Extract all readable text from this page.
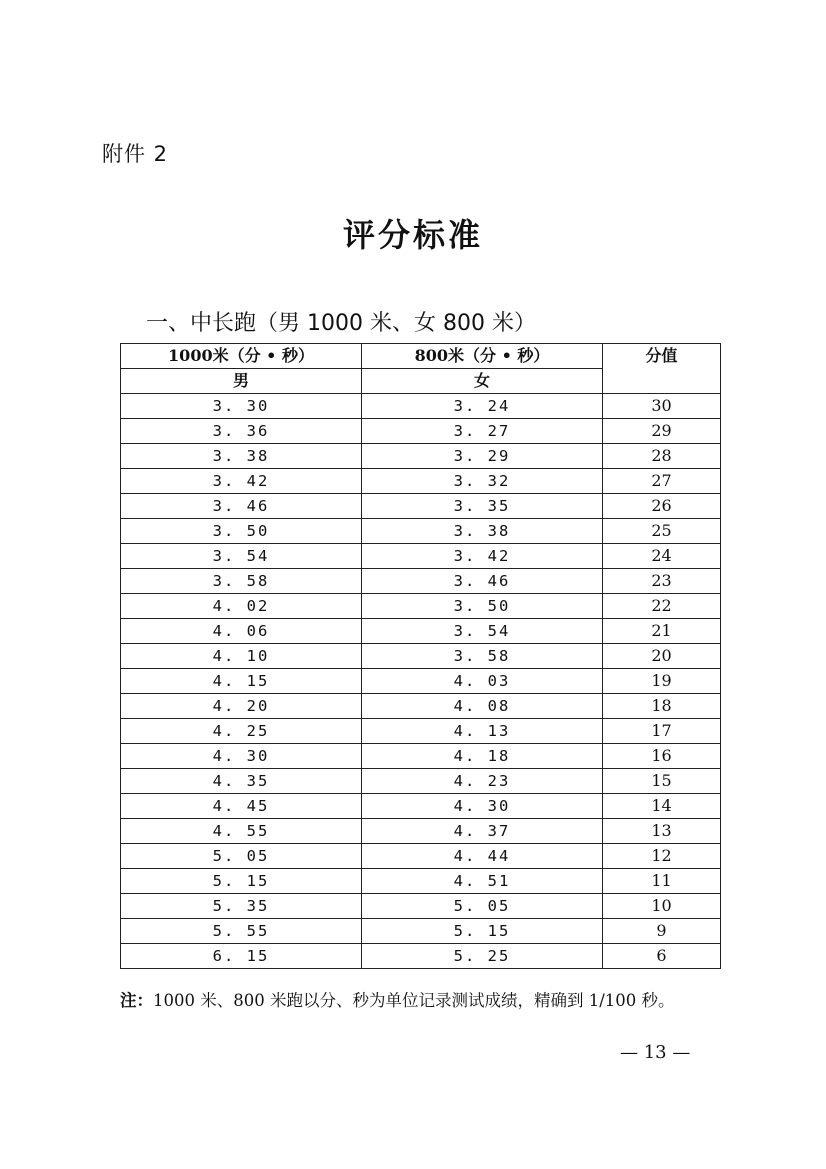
附件 2
评分标准
一、中长跑（男 1000 米、女 800 米）
1000米（分 • 秒）	800米（分 • 秒）	分值
男	女	
3. 30	3. 24	30
3. 36	3. 27	29
3. 38	3. 29	28
3. 42	3. 32	27
3. 46	3. 35	26
3. 50	3. 38	25
3. 54	3. 42	24
3. 58	3. 46	23
4. 02	3. 50	22
4. 06	3. 54	21
4. 10	3. 58	20
4. 15	4. 03	19
4. 20	4. 08	18
4. 25	4. 13	17
4. 30	4. 18	16
4. 35	4. 23	15
4. 45	4. 30	14
4. 55	4. 37	13
5. 05	4. 44	12
5. 15	4. 51	11
5. 35	5. 05	10
5. 55	5. 15	9
6. 15	5. 25	6
注：1000 米、800 米跑以分、秒为单位记录测试成绩，精确到 1/100 秒。
— 13 —
